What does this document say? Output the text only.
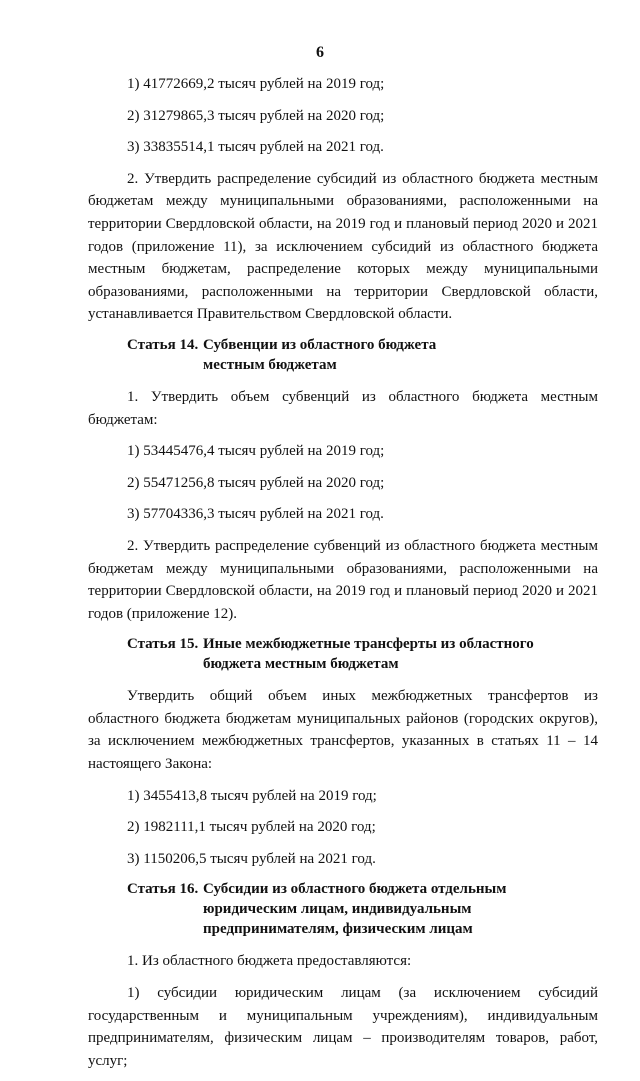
6
1) 41772669,2 тысяч рублей на 2019 год;
2) 31279865,3 тысяч рублей на 2020 год;
3) 33835514,1 тысяч рублей на 2021 год.
2. Утвердить распределение субсидий из областного бюджета местным бюджетам между муниципальными образованиями, расположенными на территории Свердловской области, на 2019 год и плановый период 2020 и 2021 годов (приложение 11), за исключением субсидий из областного бюджета местным бюджетам, распределение которых между муниципальными образованиями, расположенными на территории Свердловской области, устанавливается Правительством Свердловской области.
Статья 14. Субвенции из областного бюджета
местным бюджетам
1. Утвердить объем субвенций из областного бюджета местным бюджетам:
1) 53445476,4 тысяч рублей на 2019 год;
2) 55471256,8 тысяч рублей на 2020 год;
3) 57704336,3 тысяч рублей на 2021 год.
2. Утвердить распределение субвенций из областного бюджета местным бюджетам между муниципальными образованиями, расположенными на территории Свердловской области, на 2019 год и плановый период 2020 и 2021 годов (приложение 12).
Статья 15. Иные межбюджетные трансферты из областного
бюджета местным бюджетам
Утвердить общий объем иных межбюджетных трансфертов из областного бюджета бюджетам муниципальных районов (городских округов), за исключением межбюджетных трансфертов, указанных в статьях 11 – 14 настоящего Закона:
1) 3455413,8 тысяч рублей на 2019 год;
2) 1982111,1 тысяч рублей на 2020 год;
3) 1150206,5 тысяч рублей на 2021 год.
Статья 16. Субсидии из областного бюджета отдельным
юридическим лицам, индивидуальным
предпринимателям, физическим лицам
1. Из областного бюджета предоставляются:
1) субсидии юридическим лицам (за исключением субсидий государственным и муниципальным учреждениям), индивидуальным предпринимателям, физическим лицам – производителям товаров, работ, услуг;
